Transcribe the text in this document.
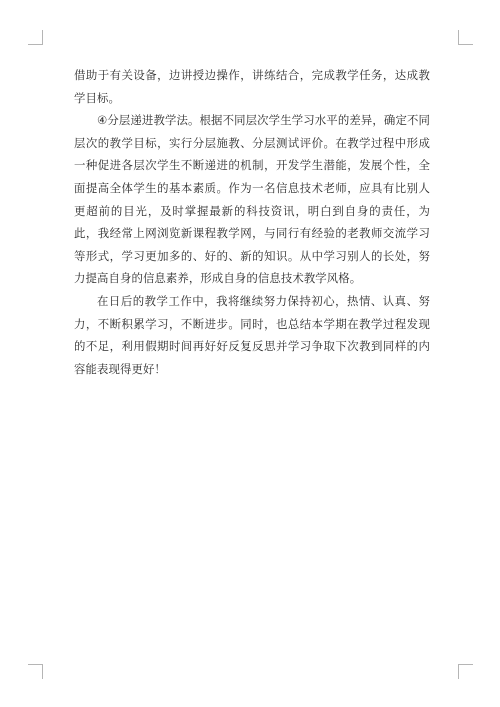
借助于有关设备，边讲授边操作，讲练结合，完成教学任务，达成教学目标。

④分层递进教学法。根据不同层次学生学习水平的差异，确定不同层次的教学目标，实行分层施教、分层测试评价。在教学过程中形成一种促进各层次学生不断递进的机制，开发学生潜能，发展个性，全面提高全体学生的基本素质。作为一名信息技术老师，应具有比别人更超前的目光，及时掌握最新的科技资讯，明白到自身的责任，为此，我经常上网浏览新课程教学网，与同行有经验的老教师交流学习等形式，学习更加多的、好的、新的知识。从中学习别人的长处，努力提高自身的信息素养，形成自身的信息技术教学风格。

在日后的教学工作中，我将继续努力保持初心，热情、认真、努力，不断积累学习，不断进步。同时，也总结本学期在教学过程发现的不足，利用假期时间再好好反复反思并学习争取下次教到同样的内容能表现得更好！
